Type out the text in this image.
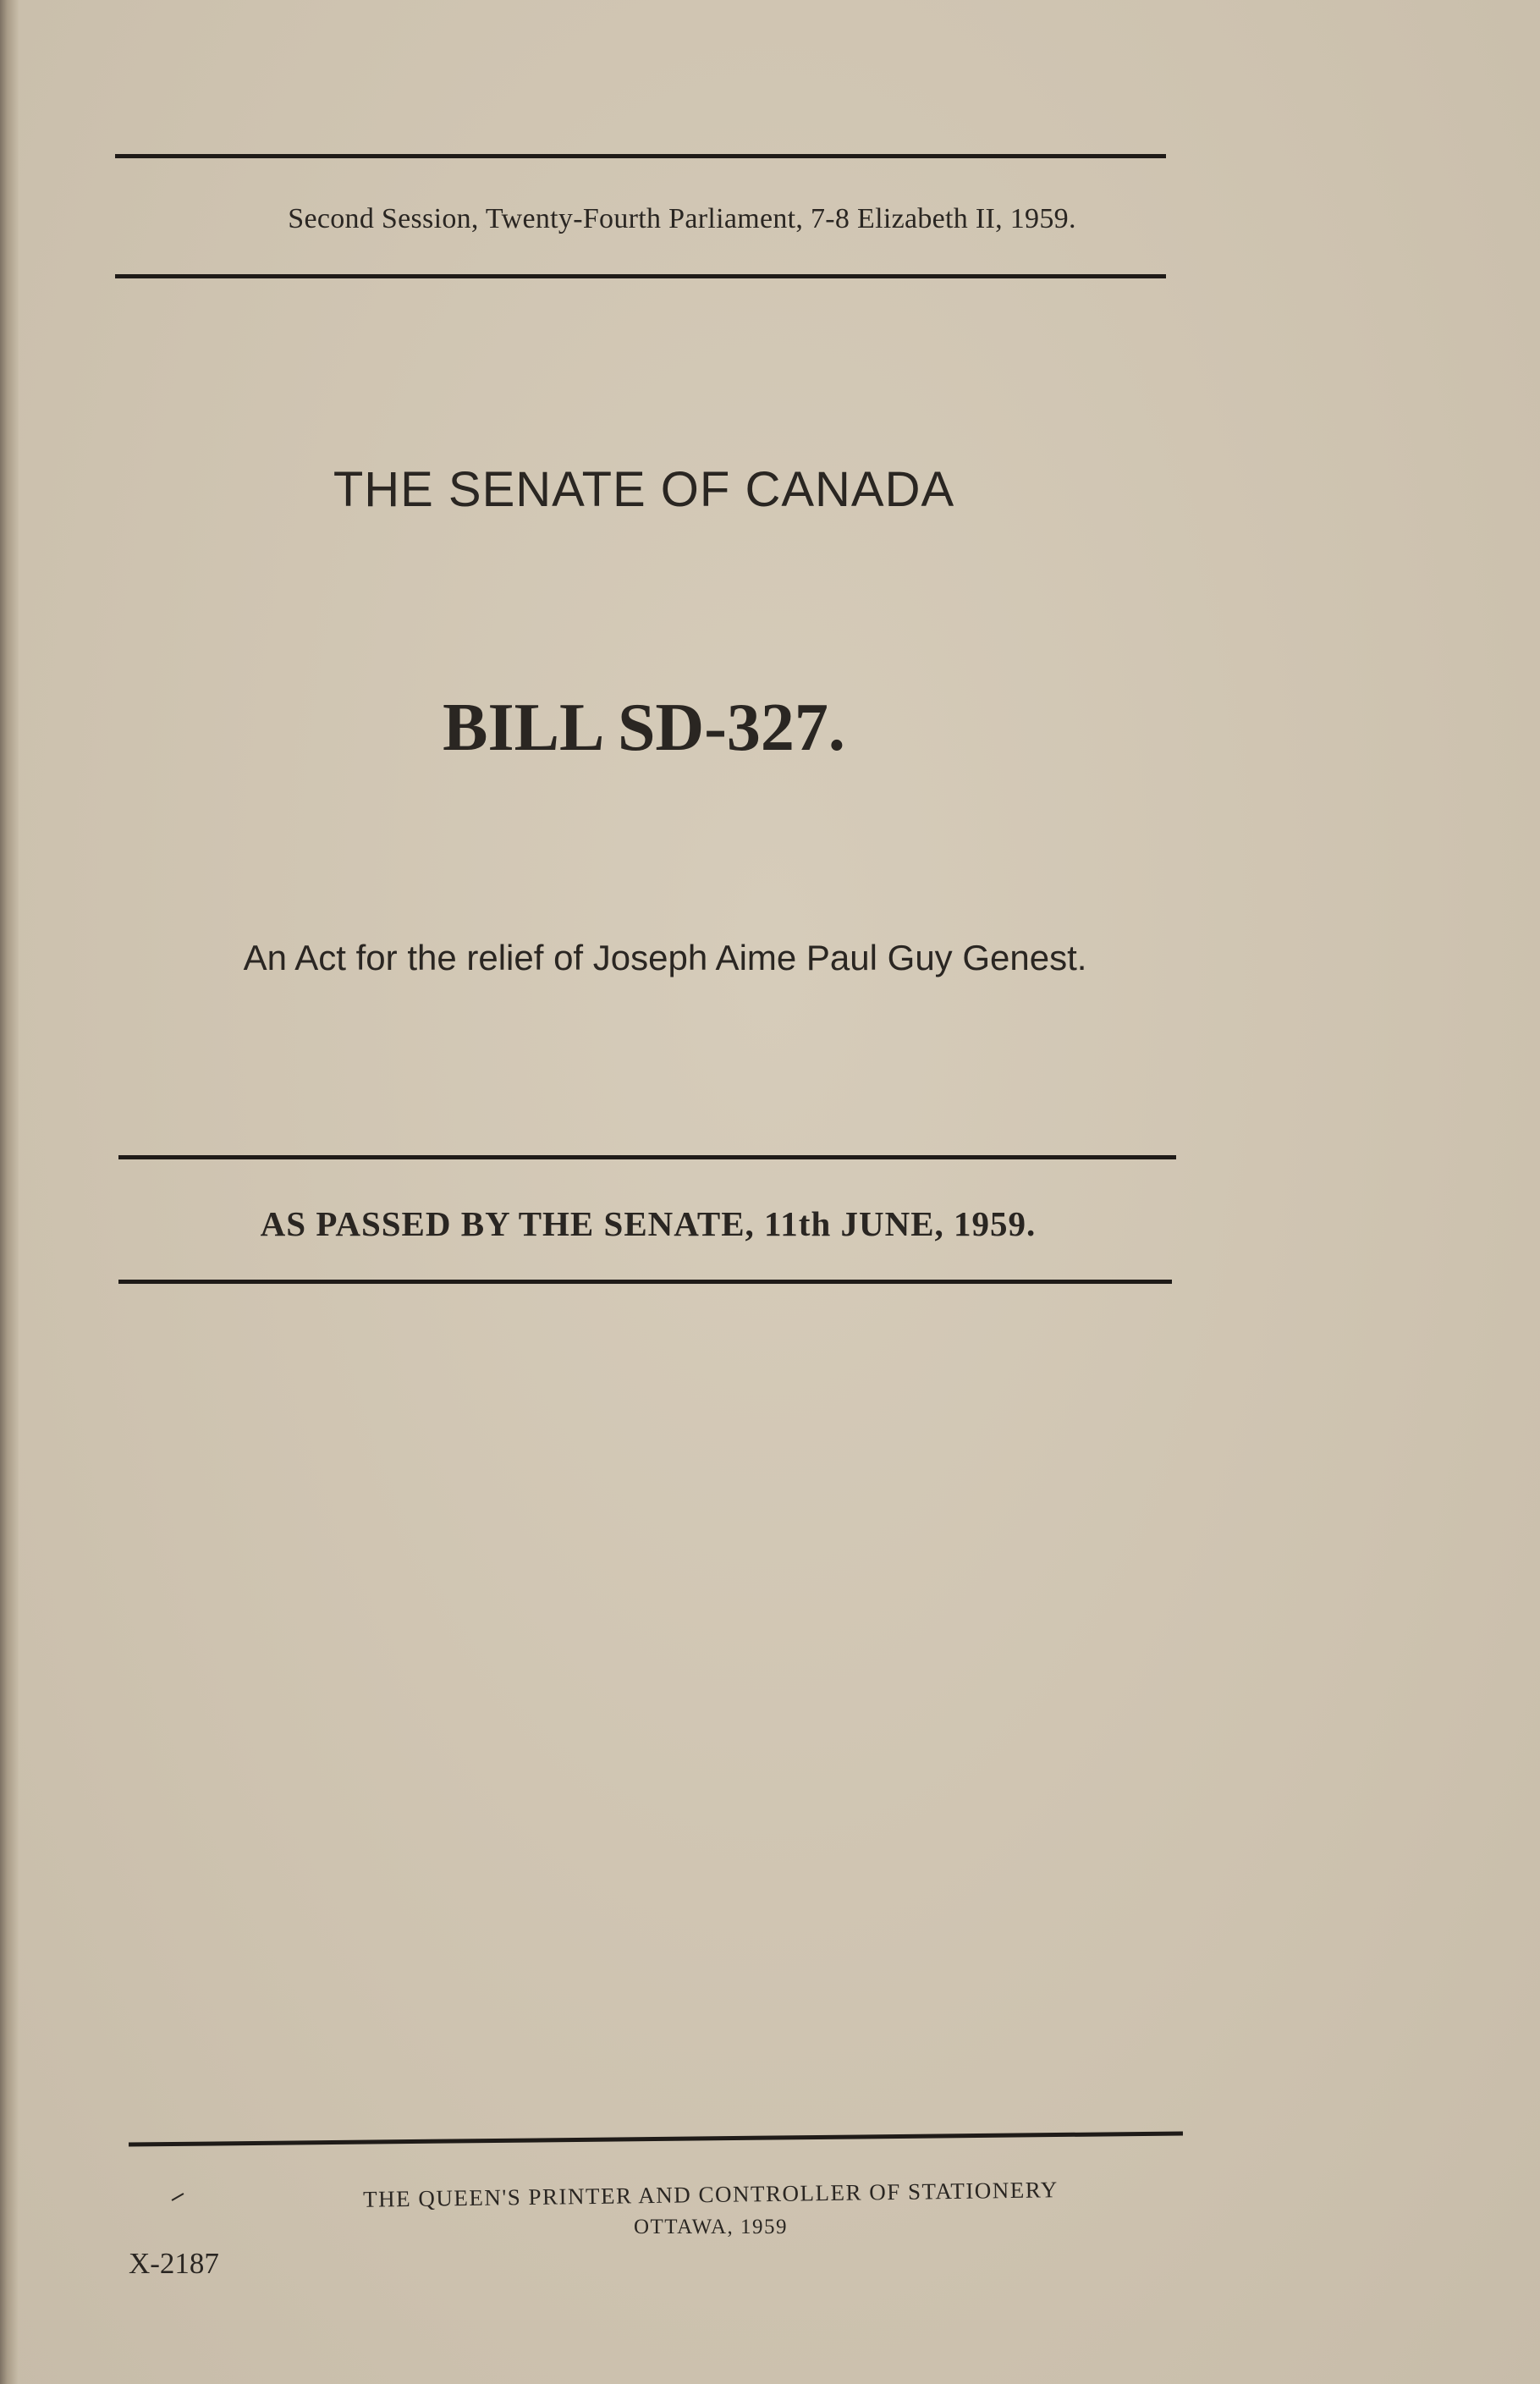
Second Session, Twenty-Fourth Parliament, 7-8 Elizabeth II, 1959.
THE SENATE OF CANADA
BILL SD-327.
An Act for the relief of Joseph Aime Paul Guy Genest.
AS PASSED BY THE SENATE, 11th JUNE, 1959.
THE QUEEN'S PRINTER AND CONTROLLER OF STATIONERY
OTTAWA, 1959
X-2187
